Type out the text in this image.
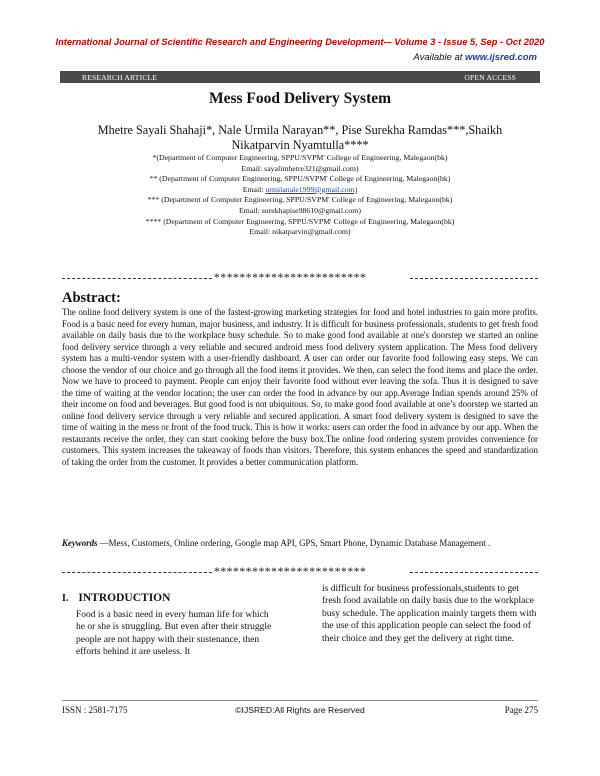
International Journal of Scientific Research and Engineering Development-– Volume 3 - Issue 5, Sep - Oct 2020
Available at www.ijsred.com
RESEARCH ARTICLE	OPEN ACCESS
Mess Food Delivery System
Mhetre Sayali Shahaji*, Nale Urmila Narayan**, Pise Surekha Ramdas***,Shaikh
Nikatparvin Nyamtulla****
*(Department of Computer Engineering, SPPU/SVPM' College of Engineering, Malegaon(bk)
Email: sayalimhetre321@gmail.com)
** (Department of Computer Engineering, SPPU/SVPM' College of Engineering, Malegaon(bk)
Email: urmilanale1999@gmail.com)
*** (Department of Computer Engineering, SPPU/SVPM' College of Engineering, Malegaon(bk)
Email: surekhapise98610@gmail.com)
**** (Department of Computer Engineering, SPPU/SVPM' College of Engineering, Malegaon(bk)
Email: nikatparvin@gmail.com)
************************
Abstract:
The online food delivery system is one of the fastest-growing marketing strategies for food and hotel industries to gain more profits. Food is a basic need for every human, major business, and industry. It is difficult for business professionals, students to get fresh food available on daily basis due to the workplace busy schedule. So to make good food available at one's doorstep we started an online food delivery service through a very reliable and secured android mess food delivery system application. The Mess food delivery system has a multi-vendor system with a user-friendly dashboard. A user can order our favorite food following easy steps. We can choose the vendor of our choice and go through all the food items it provides. We then, can select the food items and place the order. Now we have to proceed to payment. People can enjoy their favorite food without ever leaving the sofa. Thus it is designed to save the time of waiting at the vendor location; the user can order the food in advance by our app.Average Indian spends around 25% of their income on food and beverages. But good food is not ubiquitous. So, to make good food available at one’s doorstep we started an online food delivery service through a very reliable and secured application. A smart food delivery system is designed to save the time of waiting in the mess or front of the food truck. This is how it works: users can order the food in advance by our app. When the restaurants receive the order, they can start cooking before the busy box.The online food ordering system provides convenience for customers. This system increases the takeaway of foods than visitors. Therefore, this system enhances the speed and standardization of taking the order from the customer. It provides a better communication platform.
Keywords —Mess, Customers, Online ordering, Google map API, GPS, Smart Phone, Dynamic Database Management .
************************
I. INTRODUCTION
Food is a basic need in every human life for which he or she is struggling. But even after their struggle people are not happy with their sustenance, then efforts behind it are useless. It
is difficult for business professionals,students to get fresh food available on daily basis due to the workplace busy schedule. The application mainly targets them with the use of this application people can select the food of their choice and they get the delivery at right time.
ISSN : 2581-7175	©IJSRED:All Rights are Reserved	Page 275
